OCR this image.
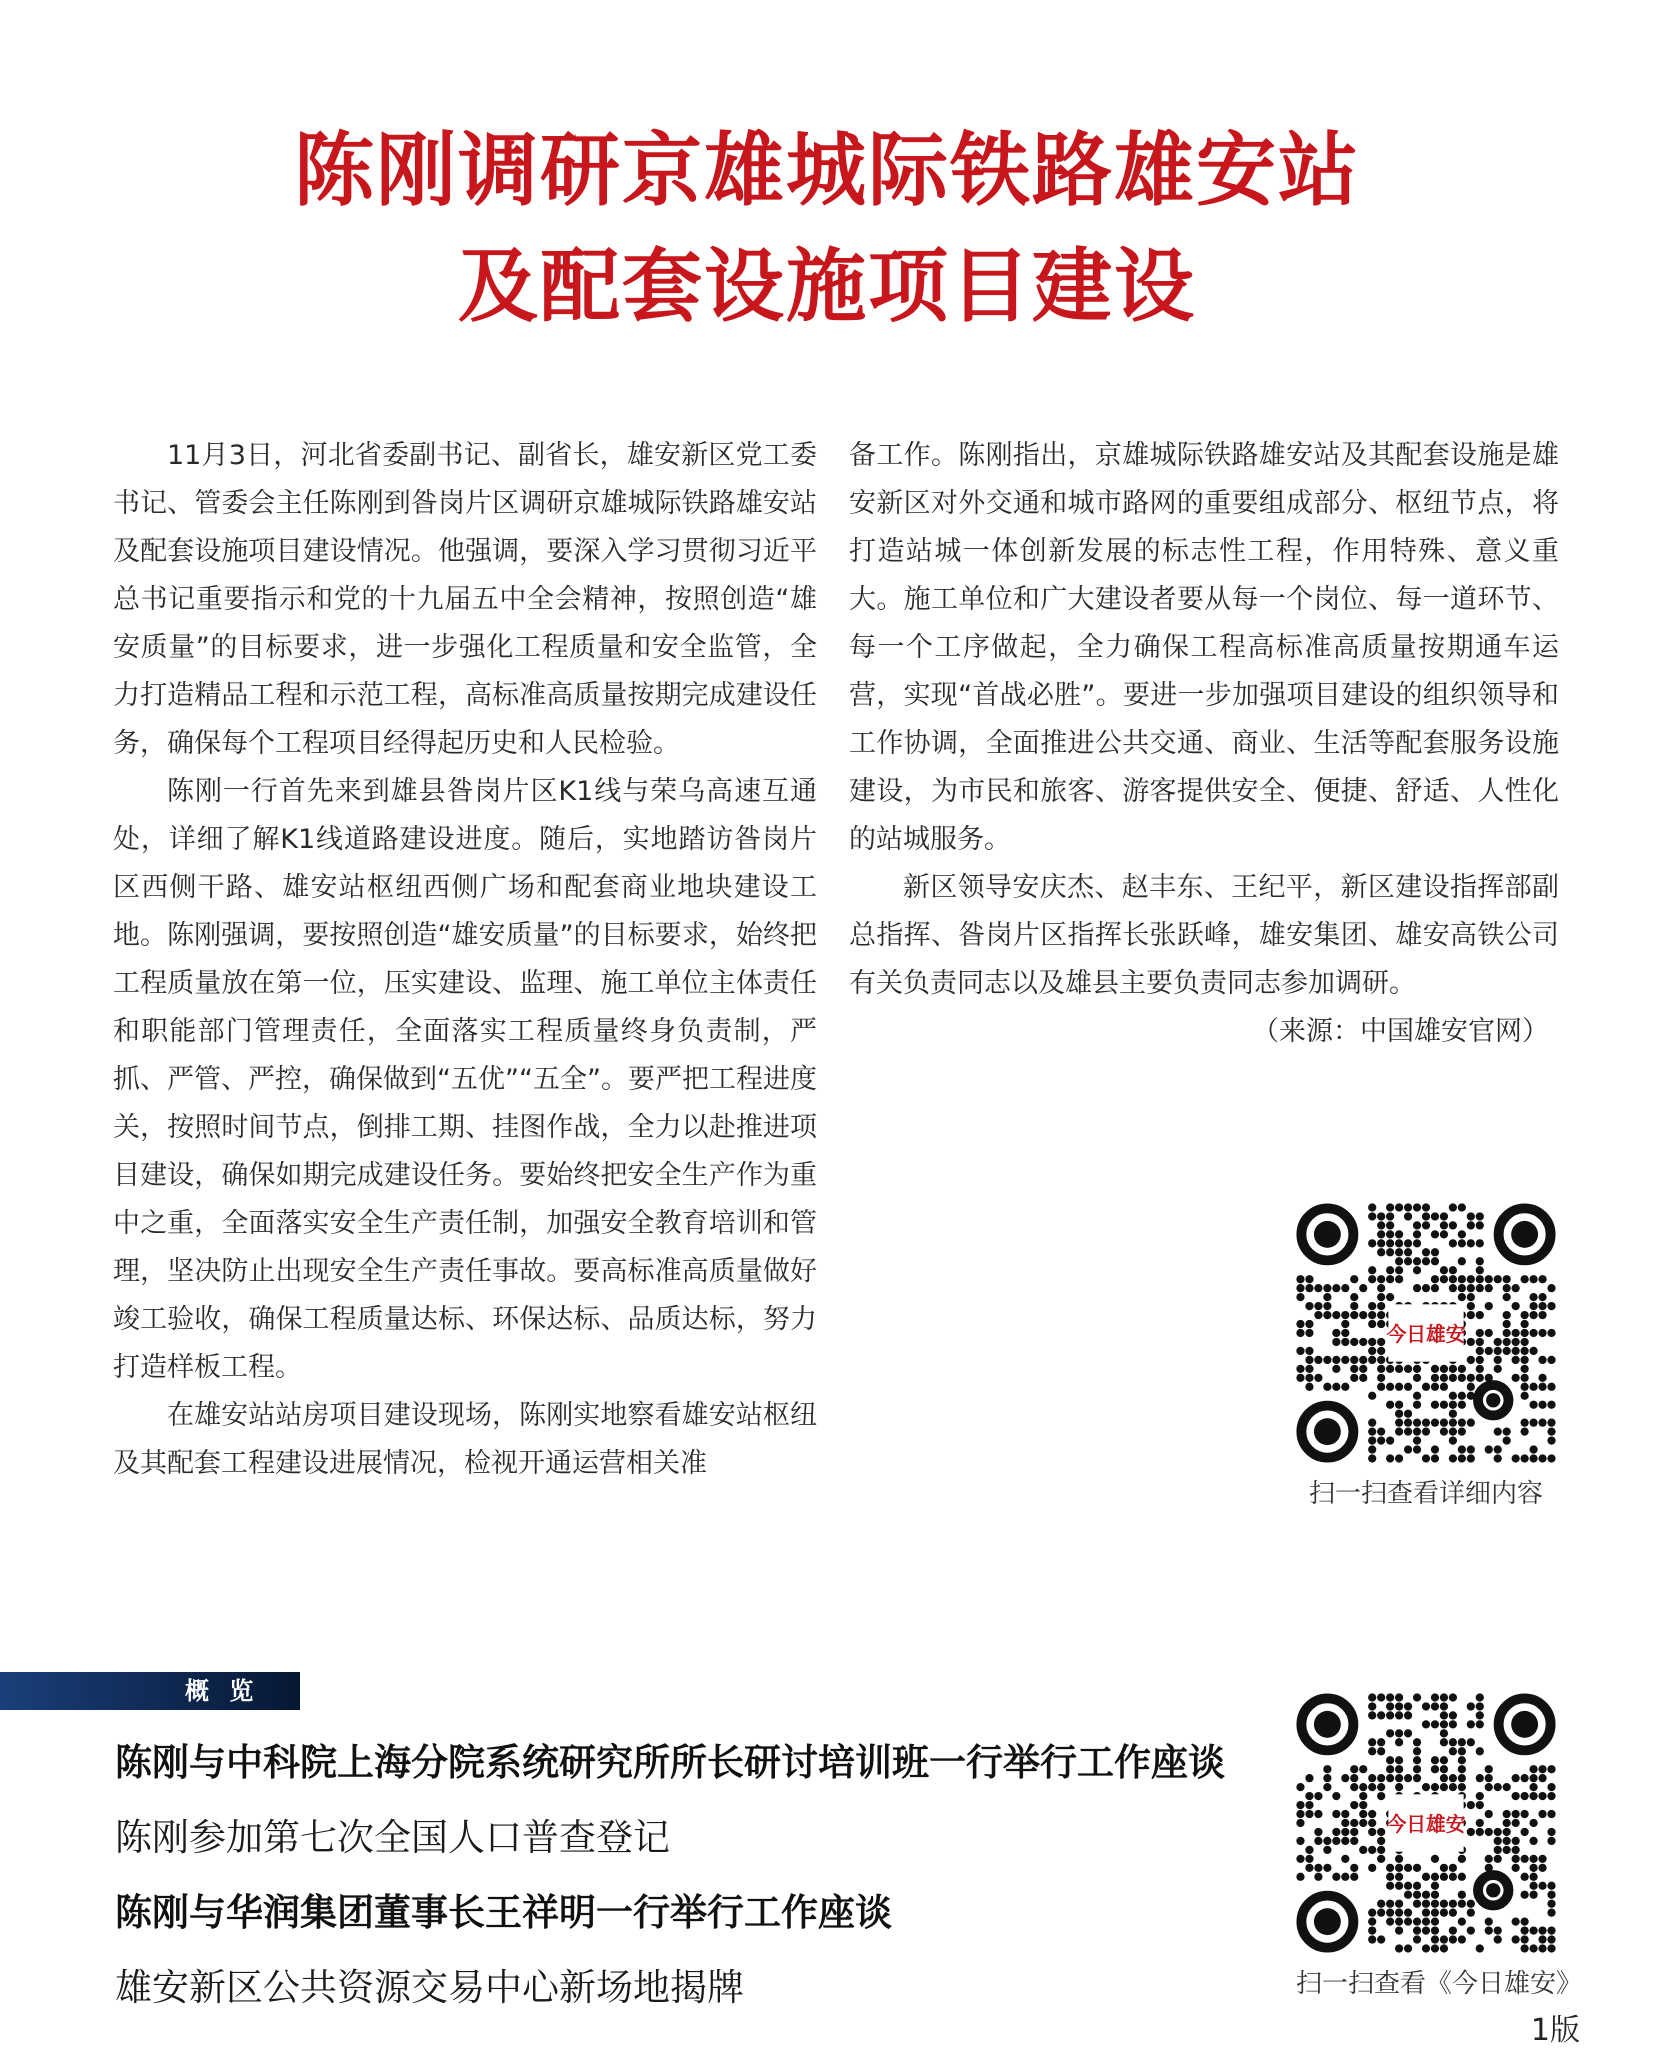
陈刚调研京雄城际铁路雄安站
及配套设施项目建设

11月3日，河北省委副书记、副省长，雄安新区党工委书记、管委会主任陈刚到昝岗片区调研京雄城际铁路雄安站及配套设施项目建设情况。他强调，要深入学习贯彻习近平总书记重要指示和党的十九届五中全会精神，按照创造“雄安质量”的目标要求，进一步强化工程质量和安全监管，全力打造精品工程和示范工程，高标准高质量按期完成建设任务，确保每个工程项目经得起历史和人民检验。

陈刚一行首先来到雄县昝岗片区K1线与荣乌高速互通处，详细了解K1线道路建设进度。随后，实地踏访昝岗片区西侧干路、雄安站枢纽西侧广场和配套商业地块建设工地。陈刚强调，要按照创造“雄安质量”的目标要求，始终把工程质量放在第一位，压实建设、监理、施工单位主体责任和职能部门管理责任，全面落实工程质量终身负责制，严抓、严管、严控，确保做到“五优”“五全”。要严把工程进度关，按照时间节点，倒排工期、挂图作战，全力以赴推进项目建设，确保如期完成建设任务。要始终把安全生产作为重中之重，全面落实安全生产责任制，加强安全教育培训和管理，坚决防止出现安全生产责任事故。要高标准高质量做好竣工验收，确保工程质量达标、环保达标、品质达标，努力打造样板工程。

在雄安站站房项目建设现场，陈刚实地察看雄安站枢纽及其配套工程建设进展情况，检视开通运营相关准

备工作。陈刚指出，京雄城际铁路雄安站及其配套设施是雄安新区对外交通和城市路网的重要组成部分、枢纽节点，将打造站城一体创新发展的标志性工程，作用特殊、意义重大。施工单位和广大建设者要从每一个岗位、每一道环节、每一个工序做起，全力确保工程高标准高质量按期通车运营，实现“首战必胜”。要进一步加强项目建设的组织领导和工作协调，全面推进公共交通、商业、生活等配套服务设施建设，为市民和旅客、游客提供安全、便捷、舒适、人性化的站城服务。

新区领导安庆杰、赵丰东、王纪平，新区建设指挥部副总指挥、昝岗片区指挥长张跃峰，雄安集团、雄安高铁公司有关负责同志以及雄县主要负责同志参加调研。

（来源：中国雄安官网）

今日雄安
扫一扫查看详细内容
概 览
陈刚与中科院上海分院系统研究所所长研讨培训班一行举行工作座谈
陈刚参加第七次全国人口普查登记
陈刚与华润集团董事长王祥明一行举行工作座谈
雄安新区公共资源交易中心新场地揭牌
今日雄安
扫一扫查看《今日雄安》
1版
